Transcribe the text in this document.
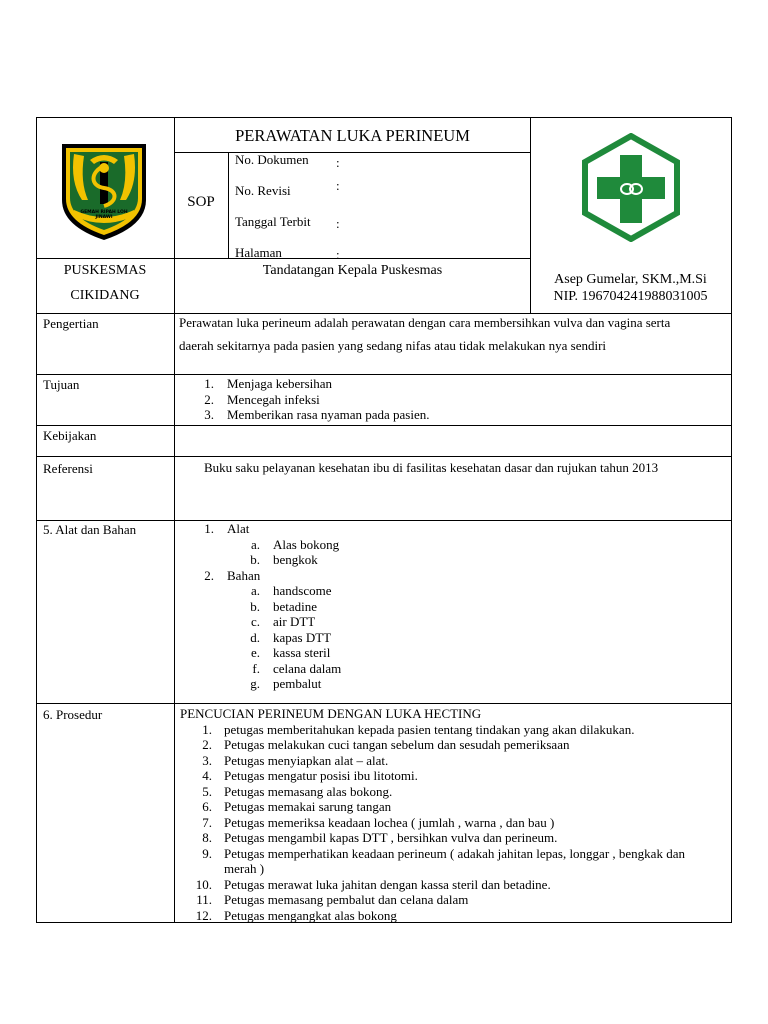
GEMAH RIPAH LOH JINAWI
PERAWATAN LUKA PERINEUM
SOP
No. Dokumen :
No. Revisi	:
Tanggal Terbit :
Halaman	:
PUSKESMAS
CIKIDANG
Tandatangan Kepala Puskesmas
Asep Gumelar, SKM.,M.Si
NIP. 196704241988031005
Pengertian	Perawatan luka perineum adalah perawatan dengan cara membersihkan vulva dan vagina serta
daerah sekitarnya pada pasien yang sedang nifas atau tidak melakukan nya sendiri
Tujuan	1. Menjaga kebersihan
2. Mencegah infeksi
3. Memberikan rasa nyaman pada pasien.
Kebijakan
Referensi	Buku saku pelayanan kesehatan ibu di fasilitas kesehatan dasar dan rujukan tahun 2013
5. Alat dan Bahan	1. Alat
a. Alas bokong
b. bengkok
2. Bahan
a. handscome
b. betadine
c. air DTT
d. kapas DTT
e. kassa steril
f. celana dalam
g. pembalut
6. Prosedur	PENCUCIAN PERINEUM DENGAN LUKA HECTING
1. petugas memberitahukan kepada pasien tentang tindakan yang akan dilakukan.
2. Petugas melakukan cuci tangan sebelum dan sesudah pemeriksaan
3. Petugas menyiapkan alat – alat.
4. Petugas mengatur posisi ibu litotomi.
5. Petugas memasang alas bokong.
6. Petugas memakai sarung tangan
7. Petugas memeriksa keadaan lochea ( jumlah , warna , dan bau )
8. Petugas mengambil kapas DTT , bersihkan vulva dan perineum.
9. Petugas memperhatikan keadaan perineum ( adakah jahitan lepas, longgar , bengkak dan
merah )
10. Petugas merawat luka jahitan dengan kassa steril dan betadine.
11. Petugas memasang pembalut dan celana dalam
12. Petugas mengangkat alas bokong
